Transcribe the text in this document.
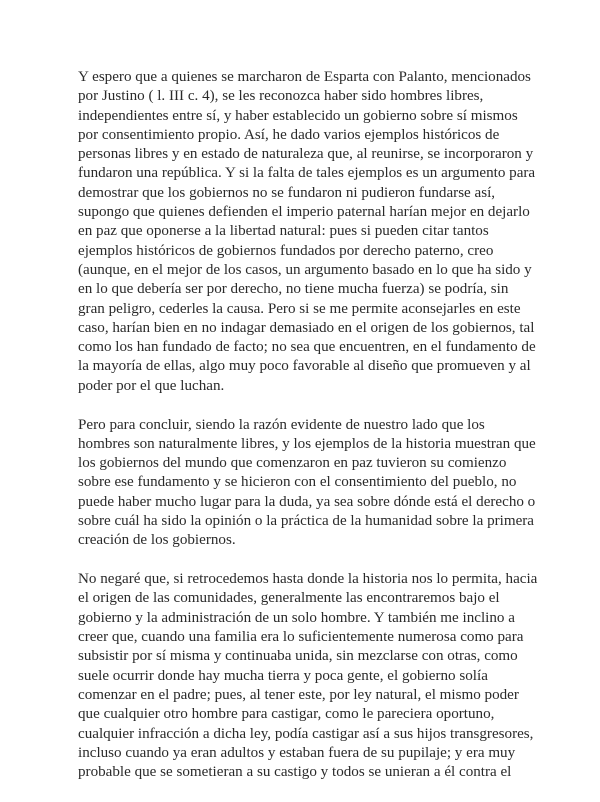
Y espero que a quienes se marcharon de Esparta con Palanto, mencionados
por Justino ( l. III c. 4), se les reconozca haber sido hombres libres,
independientes entre sí, y haber establecido un gobierno sobre sí mismos
por consentimiento propio. Así, he dado varios ejemplos históricos de
personas libres y en estado de naturaleza que, al reunirse, se incorporaron y
fundaron una república. Y si la falta de tales ejemplos es un argumento para
demostrar que los gobiernos no se fundaron ni pudieron fundarse así,
supongo que quienes defienden el imperio paternal harían mejor en dejarlo
en paz que oponerse a la libertad natural: pues si pueden citar tantos
ejemplos históricos de gobiernos fundados por derecho paterno, creo
(aunque, en el mejor de los casos, un argumento basado en lo que ha sido y
en lo que debería ser por derecho, no tiene mucha fuerza) se podría, sin
gran peligro, cederles la causa. Pero si se me permite aconsejarles en este
caso, harían bien en no indagar demasiado en el origen de los gobiernos, tal
como los han fundado de facto; no sea que encuentren, en el fundamento de
la mayoría de ellas, algo muy poco favorable al diseño que promueven y al
poder por el que luchan.

Pero para concluir, siendo la razón evidente de nuestro lado que los
hombres son naturalmente libres, y los ejemplos de la historia muestran que
los gobiernos del mundo que comenzaron en paz tuvieron su comienzo
sobre ese fundamento y se hicieron con el consentimiento del pueblo, no
puede haber mucho lugar para la duda, ya sea sobre dónde está el derecho o
sobre cuál ha sido la opinión o la práctica de la humanidad sobre la primera
creación de los gobiernos.

No negaré que, si retrocedemos hasta donde la historia nos lo permita, hacia
el origen de las comunidades, generalmente las encontraremos bajo el
gobierno y la administración de un solo hombre. Y también me inclino a
creer que, cuando una familia era lo suficientemente numerosa como para
subsistir por sí misma y continuaba unida, sin mezclarse con otras, como
suele ocurrir donde hay mucha tierra y poca gente, el gobierno solía
comenzar en el padre; pues, al tener este, por ley natural, el mismo poder
que cualquier otro hombre para castigar, como le pareciera oportuno,
cualquier infracción a dicha ley, podía castigar así a sus hijos transgresores,
incluso cuando ya eran adultos y estaban fuera de su pupilaje; y era muy
probable que se sometieran a su castigo y todos se unieran a él contra el
